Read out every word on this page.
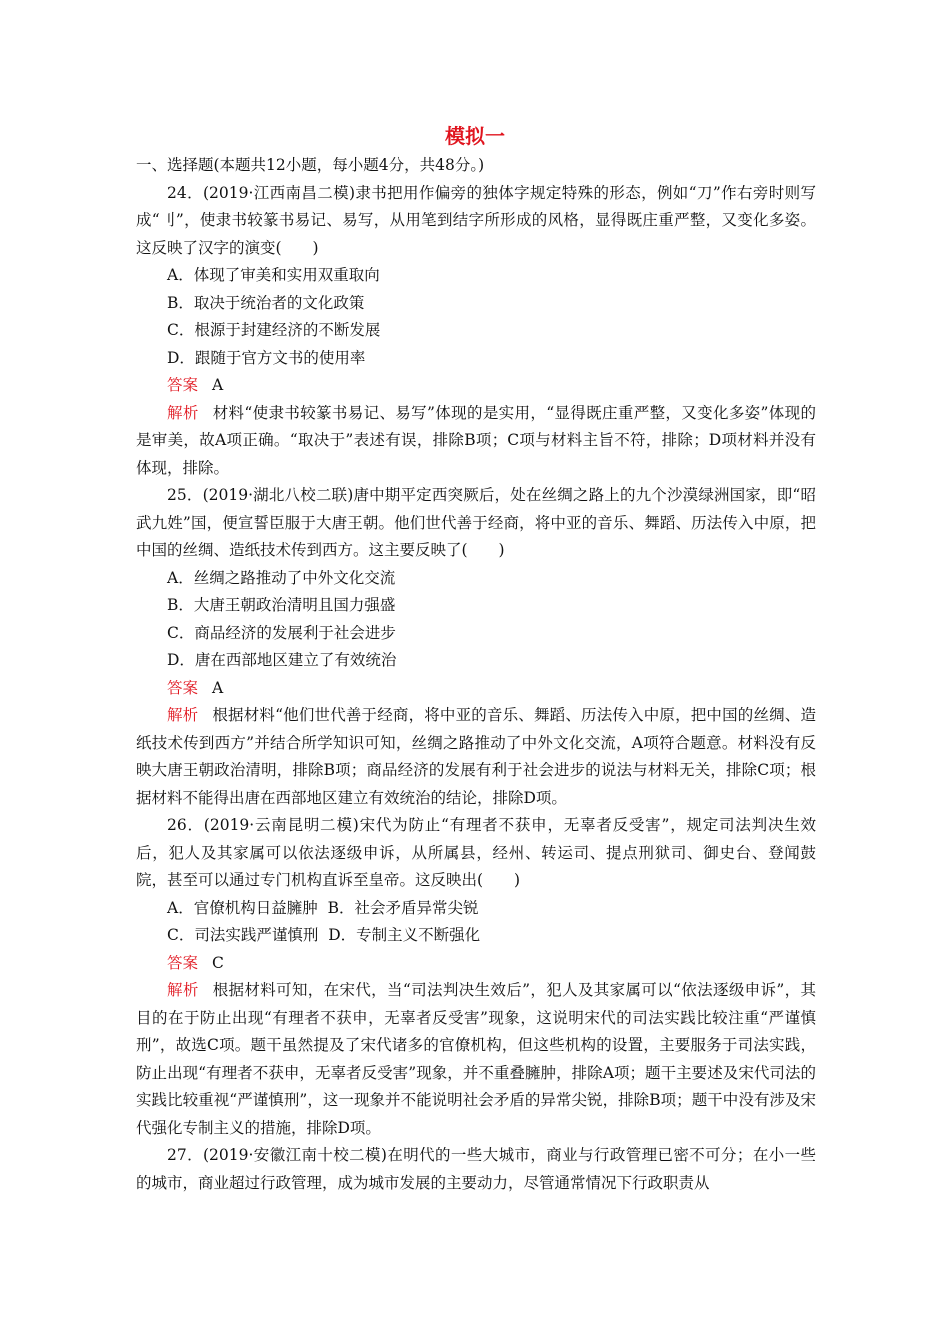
模拟一

一、选择题(本题共12小题，每小题4分，共48分。)

24．(2019·江西南昌二模)隶书把用作偏旁的独体字规定特殊的形态，例如“刀”作右旁时则写成“刂”，使隶书较篆书易记、易写，从用笔到结字所形成的风格，显得既庄重严整，又变化多姿。这反映了汉字的演变(　　)

A．体现了审美和实用双重取向

B．取决于统治者的文化政策

C．根源于封建经济的不断发展

D．跟随于官方文书的使用率

答案 A

解析 材料“使隶书较篆书易记、易写”体现的是实用，“显得既庄重严整，又变化多姿”体现的是审美，故A项正确。“取决于”表述有误，排除B项；C项与材料主旨不符，排除；D项材料并没有体现，排除。

25．(2019·湖北八校二联)唐中期平定西突厥后，处在丝绸之路上的九个沙漠绿洲国家，即“昭武九姓”国，便宣誓臣服于大唐王朝。他们世代善于经商，将中亚的音乐、舞蹈、历法传入中原，把中国的丝绸、造纸技术传到西方。这主要反映了(　　)

A．丝绸之路推动了中外文化交流

B．大唐王朝政治清明且国力强盛

C．商品经济的发展利于社会进步

D．唐在西部地区建立了有效统治

答案 A

解析 根据材料“他们世代善于经商，将中亚的音乐、舞蹈、历法传入中原，把中国的丝绸、造纸技术传到西方”并结合所学知识可知，丝绸之路推动了中外文化交流，A项符合题意。材料没有反映大唐王朝政治清明，排除B项；商品经济的发展有利于社会进步的说法与材料无关，排除C项；根据材料不能得出唐在西部地区建立有效统治的结论，排除D项。

26．(2019·云南昆明二模)宋代为防止“有理者不获申，无辜者反受害”，规定司法判决生效后，犯人及其家属可以依法逐级申诉，从所属县，经州、转运司、提点刑狱司、御史台、登闻鼓院，甚至可以通过专门机构直诉至皇帝。这反映出(　　)

A．官僚机构日益臃肿 B．社会矛盾异常尖锐

C．司法实践严谨慎刑 D．专制主义不断强化

答案 C

解析 根据材料可知，在宋代，当“司法判决生效后”，犯人及其家属可以“依法逐级申诉”，其目的在于防止出现“有理者不获申，无辜者反受害”现象，这说明宋代的司法实践比较注重“严谨慎刑”，故选C项。题干虽然提及了宋代诸多的官僚机构，但这些机构的设置，主要服务于司法实践，防止出现“有理者不获申，无辜者反受害”现象，并不重叠臃肿，排除A项；题干主要述及宋代司法的实践比较重视“严谨慎刑”，这一现象并不能说明社会矛盾的异常尖锐，排除B项；题干中没有涉及宋代强化专制主义的措施，排除D项。

27．(2019·安徽江南十校二模)在明代的一些大城市，商业与行政管理已密不可分；在小一些的城市，商业超过行政管理，成为城市发展的主要动力，尽管通常情况下行政职责从
